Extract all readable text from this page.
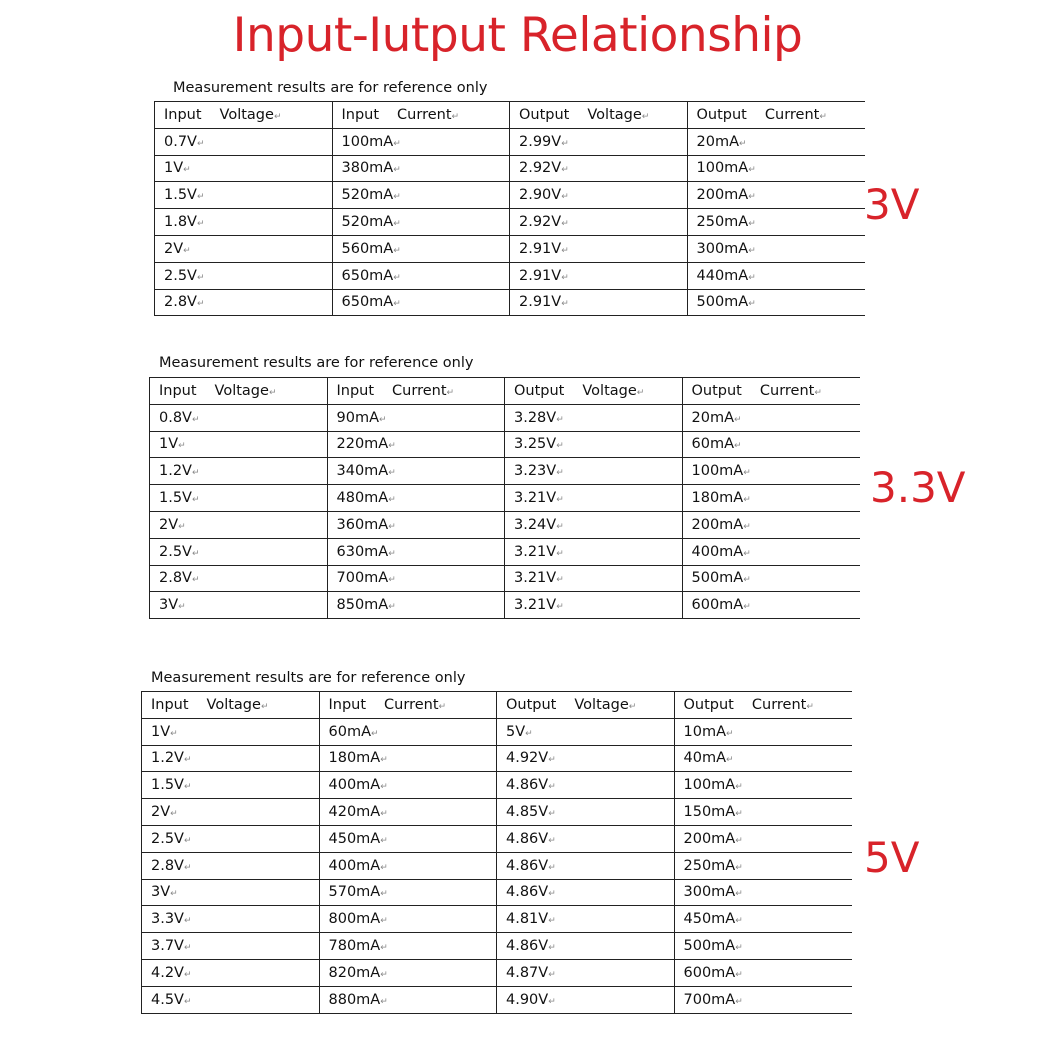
Input-Iutput Relationship
Measurement results are for reference only
Input Voltage↵	Input Current↵	Output Voltage↵	Output Current↵
0.7V↵	100mA↵	2.99V↵	20mA↵
1V↵	380mA↵	2.92V↵	100mA↵
1.5V↵	520mA↵	2.90V↵	200mA↵
1.8V↵	520mA↵	2.92V↵	250mA↵
2V↵	560mA↵	2.91V↵	300mA↵
2.5V↵	650mA↵	2.91V↵	440mA↵
2.8V↵	650mA↵	2.91V↵	500mA↵
3V
Measurement results are for reference only
Input Voltage↵	Input Current↵	Output Voltage↵	Output Current↵
0.8V↵	90mA↵	3.28V↵	20mA↵
1V↵	220mA↵	3.25V↵	60mA↵
1.2V↵	340mA↵	3.23V↵	100mA↵
1.5V↵	480mA↵	3.21V↵	180mA↵
2V↵	360mA↵	3.24V↵	200mA↵
2.5V↵	630mA↵	3.21V↵	400mA↵
2.8V↵	700mA↵	3.21V↵	500mA↵
3V↵	850mA↵	3.21V↵	600mA↵
3.3V
Measurement results are for reference only
Input Voltage↵	Input Current↵	Output Voltage↵	Output Current↵
1V↵	60mA↵	5V↵	10mA↵
1.2V↵	180mA↵	4.92V↵	40mA↵
1.5V↵	400mA↵	4.86V↵	100mA↵
2V↵	420mA↵	4.85V↵	150mA↵
2.5V↵	450mA↵	4.86V↵	200mA↵
2.8V↵	400mA↵	4.86V↵	250mA↵
3V↵	570mA↵	4.86V↵	300mA↵
3.3V↵	800mA↵	4.81V↵	450mA↵
3.7V↵	780mA↵	4.86V↵	500mA↵
4.2V↵	820mA↵	4.87V↵	600mA↵
4.5V↵	880mA↵	4.90V↵	700mA↵
5V
